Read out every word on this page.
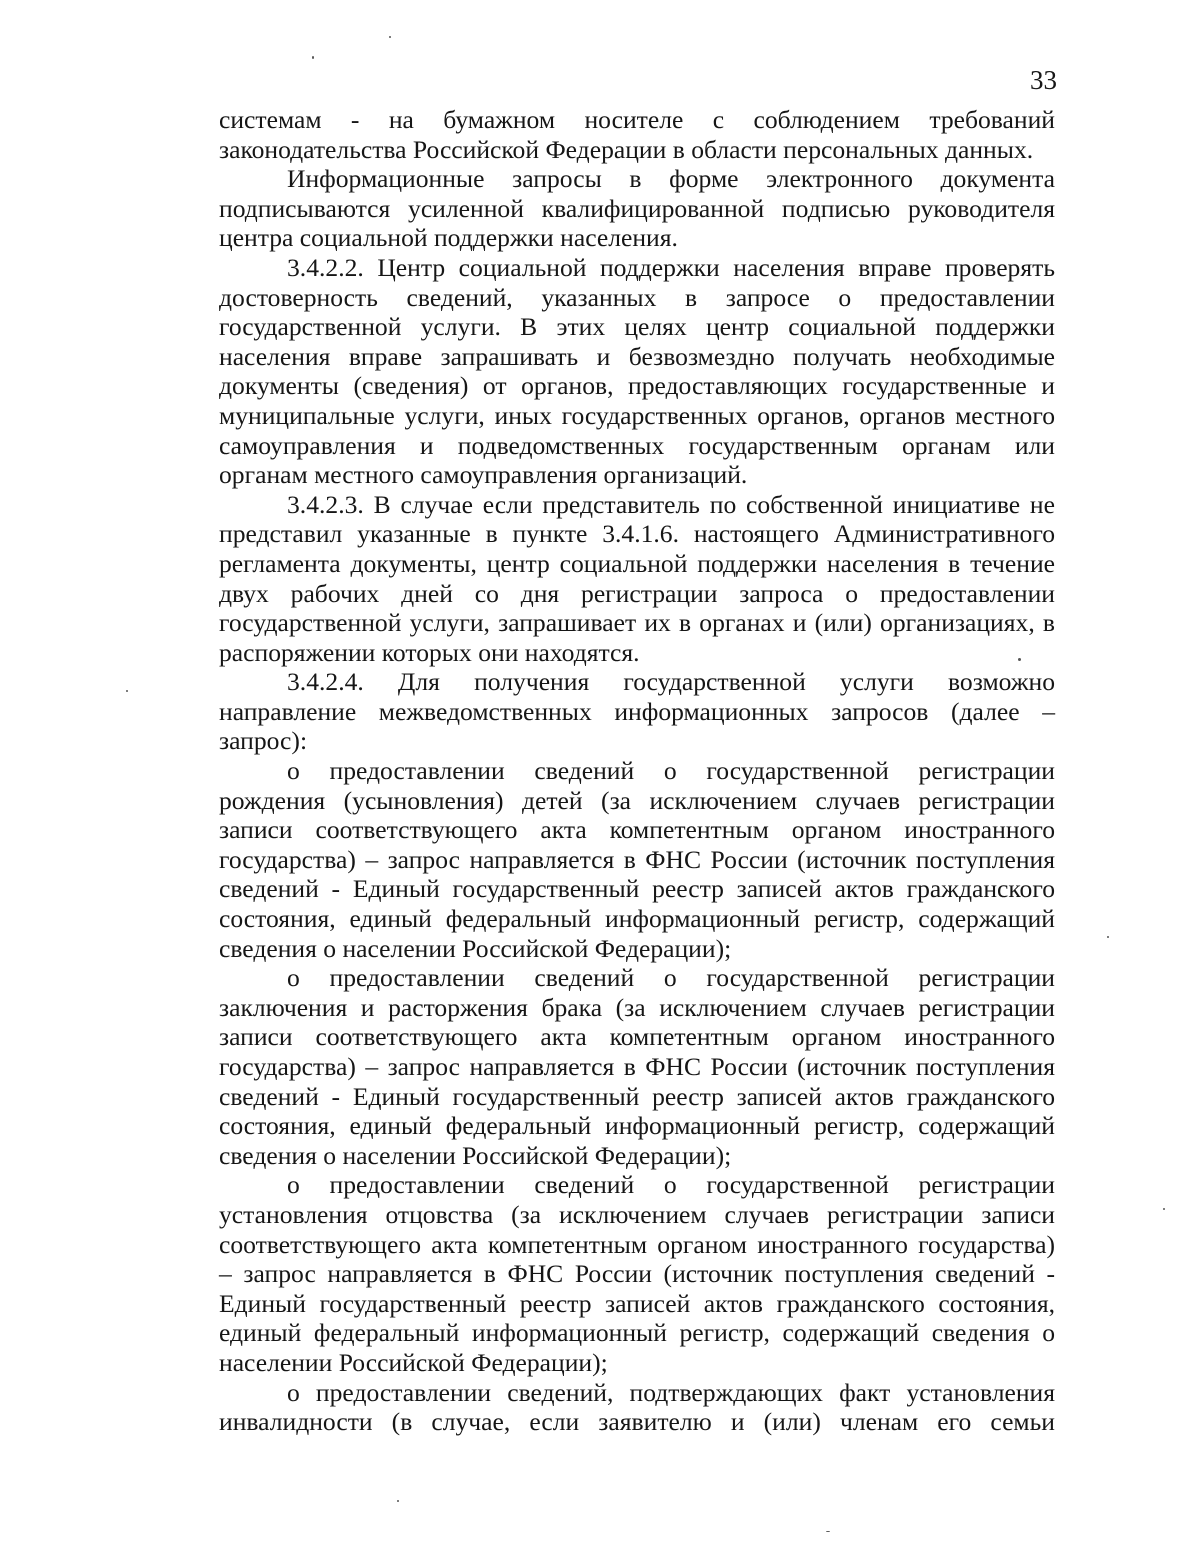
33

системам - на бумажном носителе с соблюдением требований

законодательства Российской Федерации в области персональных данных.

Информационные запросы в форме электронного документа

подписываются усиленной квалифицированной подписью руководителя

центра социальной поддержки населения.

3.4.2.2. Центр социальной поддержки населения вправе проверять

достоверность сведений, указанных в запросе о предоставлении

государственной услуги. В этих целях центр социальной поддержки

населения вправе запрашивать и безвозмездно получать необходимые

документы (сведения) от органов, предоставляющих государственные и

муниципальные услуги, иных государственных органов, органов местного

самоуправления и подведомственных государственным органам или

органам местного самоуправления организаций.

3.4.2.3. В случае если представитель по собственной инициативе не

представил указанные в пункте 3.4.1.6. настоящего Административного

регламента документы, центр социальной поддержки населения в течение

двух рабочих дней со дня регистрации запроса о предоставлении

государственной услуги, запрашивает их в органах и (или) организациях, в

распоряжении которых они находятся.

3.4.2.4. Для получения государственной услуги возможно

направление межведомственных информационных запросов (далее –

запрос):

о предоставлении сведений о государственной регистрации

рождения (усыновления) детей (за исключением случаев регистрации

записи соответствующего акта компетентным органом иностранного

государства) – запрос направляется в ФНС России (источник поступления

сведений - Единый государственный реестр записей актов гражданского

состояния, единый федеральный информационный регистр, содержащий

сведения о населении Российской Федерации);

о предоставлении сведений о государственной регистрации

заключения и расторжения брака (за исключением случаев регистрации

записи соответствующего акта компетентным органом иностранного

государства) – запрос направляется в ФНС России (источник поступления

сведений - Единый государственный реестр записей актов гражданского

состояния, единый федеральный информационный регистр, содержащий

сведения о населении Российской Федерации);

о предоставлении сведений о государственной регистрации

установления отцовства (за исключением случаев регистрации записи

соответствующего акта компетентным органом иностранного государства)

– запрос направляется в ФНС России (источник поступления сведений -

Единый государственный реестр записей актов гражданского состояния,

единый федеральный информационный регистр, содержащий сведения о

населении Российской Федерации);

о предоставлении сведений, подтверждающих факт установления

инвалидности (в случае, если заявителю и (или) членам его семьи
